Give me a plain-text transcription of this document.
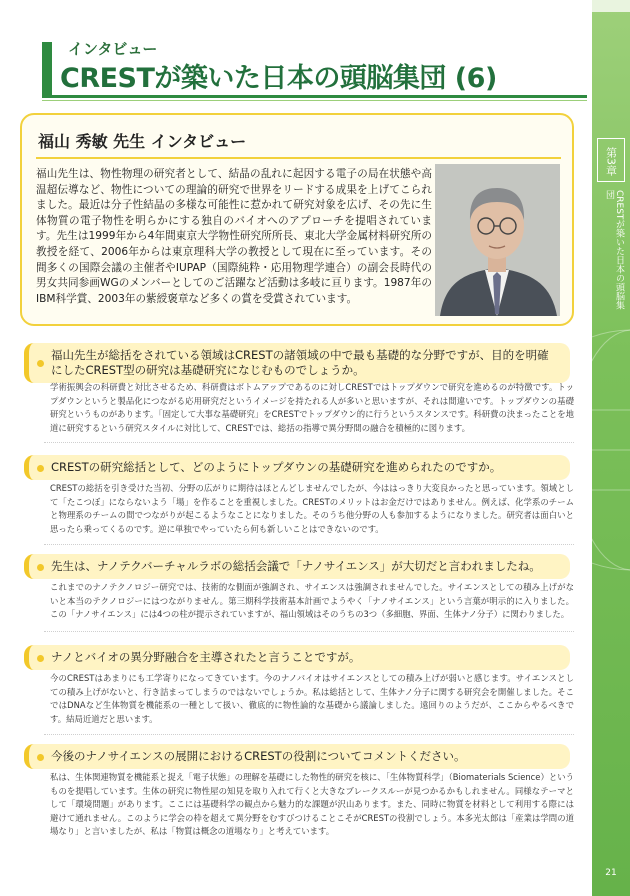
第3章
CRESTが築いた日本の頭脳集団
21
インタビュー
CRESTが築いた日本の頭脳集団 (6)
福山 秀敏 先生 インタビュー
福山先生は、物性物理の研究者として、結晶の乱れに起因する電子の局在状態や高温超伝導など、物性についての理論的研究で世界をリードする成果を上げてこられました。最近は分子性結晶の多様な可能性に惹かれて研究対象を広げ、その先に生体物質の電子物性を明らかにする独自のバイオへのアプローチを提唱されています。先生は1999年から4年間東京大学物性研究所所長、東北大学金属材料研究所の教授を経て、2006年からは東京理科大学の教授として現在に至っています。その間多くの国際会議の主催者やIUPAP（国際純粋・応用物理学連合）の副会長時代の男女共同参画WGのメンバーとしてのご活躍など活動は多岐に亘ります。1987年のIBM科学賞、2003年の紫綬褒章など多くの賞を受賞されています。
福山先生が総括をされている領域はCRESTの諸領域の中で最も基礎的な分野ですが、目的を明確にしたCREST型の研究は基礎研究になじむものでしょうか。
学術振興会の科研費と対比させるため、科研費はボトムアップであるのに対しCRESTではトップダウンで研究を進めるのが特徴です。トップダウンというと製品化につながる応用研究だというイメージを持たれる人が多いと思いますが、それは間違いです。トップダウンの基礎研究というものがあります。「固定して大事な基礎研究」をCRESTでトップダウン的に行うというスタンスです。科研費の決まったことを地道に研究するという研究スタイルに対比して、CRESTでは、総括の指導で異分野間の融合を積極的に図ります。
CRESTの研究総括として、どのようにトップダウンの基礎研究を進められたのですか。
CRESTの総括を引き受けた当初、分野の広がりに期待はほとんどしませんでしたが、今ははっきり大変良かったと思っています。領域として「たこつぼ」にならないよう「場」を作ることを重視しました。CRESTのメリットはお金だけではありません。例えば、化学系のチームと物理系のチームの間でつながりが起こるようなことになりました。そのうち他分野の人も参加するようになりました。研究者は面白いと思ったら乗ってくるのです。逆に単独でやっていたら何も新しいことはできないのです。
先生は、ナノテクバーチャルラボの総括会議で「ナノサイエンス」が大切だと言われましたね。
これまでのナノテクノロジー研究では、技術的な側面が強調され、サイエンスは強調されませんでした。サイエンスとしての積み上げがないと本当のテクノロジーにはつながりません。第三期科学技術基本計画でようやく「ナノサイエンス」という言葉が明示的に入りました。この「ナノサイエンス」には4つの柱が提示されていますが、福山領域はそのうちの3つ（多細胞、界面、生体ナノ分子）に関わりました。
ナノとバイオの異分野融合を主導されたと言うことですが。
今のCRESTはあまりにも工学寄りになってきています。今のナノバイオはサイエンスとしての積み上げが弱いと感じます。サイエンスとしての積み上げがないと、行き詰まってしまうのではないでしょうか。私は総括として、生体ナノ分子に関する研究会を開催しました。そこではDNAなど生体物質を機能系の一種として扱い、徹底的に物性論的な基礎から議論しました。遠回りのようだが、ここからやるべきです。結局近道だと思います。
今後のナノサイエンスの展開におけるCRESTの役割についてコメントください。
私は、生体関連物質を機能系と捉え「電子状態」の理解を基礎にした物性的研究を核に、「生体物質科学」（Biomaterials Science）というものを提唱しています。生体の研究に物性屋の知見を取り入れて行くと大きなブレークスルーが見つかるかもしれません。同様なテーマとして「環境問題」があります。ここには基礎科学の観点から魅力的な課題が沢山あります。また、同時に物質を材料として利用する際には避けて通れません。このように学会の枠を超えて異分野をむすびつけることこそがCRESTの役割でしょう。本多光太郎は「産業は学問の道場なり」と言いましたが、私は「物質は概念の道場なり」と考えています。
